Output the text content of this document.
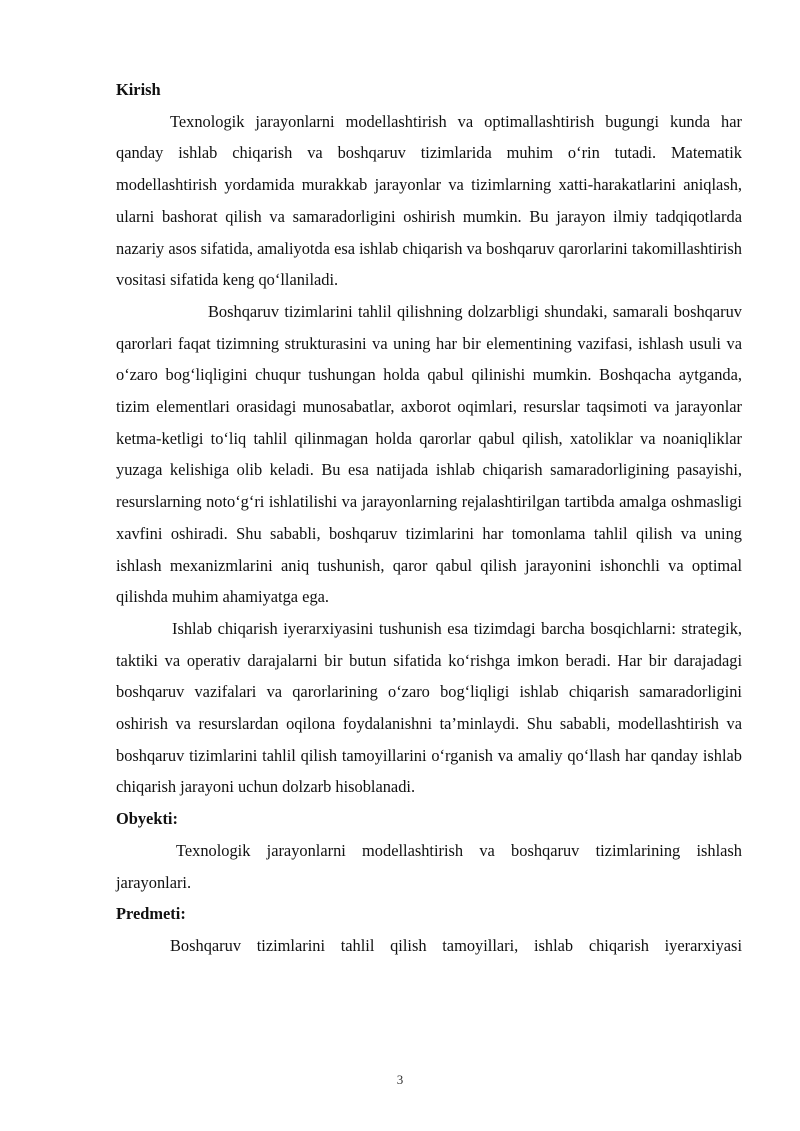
Kirish

Texnologik jarayonlarni modellashtirish va optimallashtirish bugungi kunda har qanday ishlab chiqarish va boshqaruv tizimlarida muhim o‘rin tutadi. Matematik modellashtirish yordamida murakkab jarayonlar va tizimlarning xatti-harakatlarini aniqlash, ularni bashorat qilish va samaradorligini oshirish mumkin. Bu jarayon ilmiy tadqiqotlarda nazariy asos sifatida, amaliyotda esa ishlab chiqarish va boshqaruv qarorlarini takomillashtirish vositasi sifatida keng qo‘llaniladi.

Boshqaruv tizimlarini tahlil qilishning dolzarbligi shundaki, samarali boshqaruv qarorlari faqat tizimning strukturasini va uning har bir elementining vazifasi, ishlash usuli va o‘zaro bog‘liqligini chuqur tushungan holda qabul qilinishi mumkin. Boshqacha aytganda, tizim elementlari orasidagi munosabatlar, axborot oqimlari, resurslar taqsimoti va jarayonlar ketma-ketligi to‘liq tahlil qilinmagan holda qarorlar qabul qilish, xatoliklar va noaniqliklar yuzaga kelishiga olib keladi. Bu esa natijada ishlab chiqarish samaradorligining pasayishi, resurslarning noto‘g‘ri ishlatilishi va jarayonlarning rejalashtirilgan tartibda amalga oshmasligi xavfini oshiradi. Shu sababli, boshqaruv tizimlarini har tomonlama tahlil qilish va uning ishlash mexanizmlarini aniq tushunish, qaror qabul qilish jarayonini ishonchli va optimal qilishda muhim ahamiyatga ega.

Ishlab chiqarish iyerarxiyasini tushunish esa tizimdagi barcha bosqichlarni: strategik, taktiki va operativ darajalarni bir butun sifatida ko‘rishga imkon beradi. Har bir darajadagi boshqaruv vazifalari va qarorlarining o‘zaro bog‘liqligi ishlab chiqarish samaradorligini oshirish va resurslardan oqilona foydalanishni ta’minlaydi. Shu sababli, modellashtirish va boshqaruv tizimlarini tahlil qilish tamoyillarini o‘rganish va amaliy qo‘llash har qanday ishlab chiqarish jarayoni uchun dolzarb hisoblanadi.

Obyekti:

Texnologik jarayonlarni modellashtirish va boshqaruv tizimlarining ishlash jarayonlari.

Predmeti:

Boshqaruv tizimlarini tahlil qilish tamoyillari, ishlab chiqarish iyerarxiyasi

3
